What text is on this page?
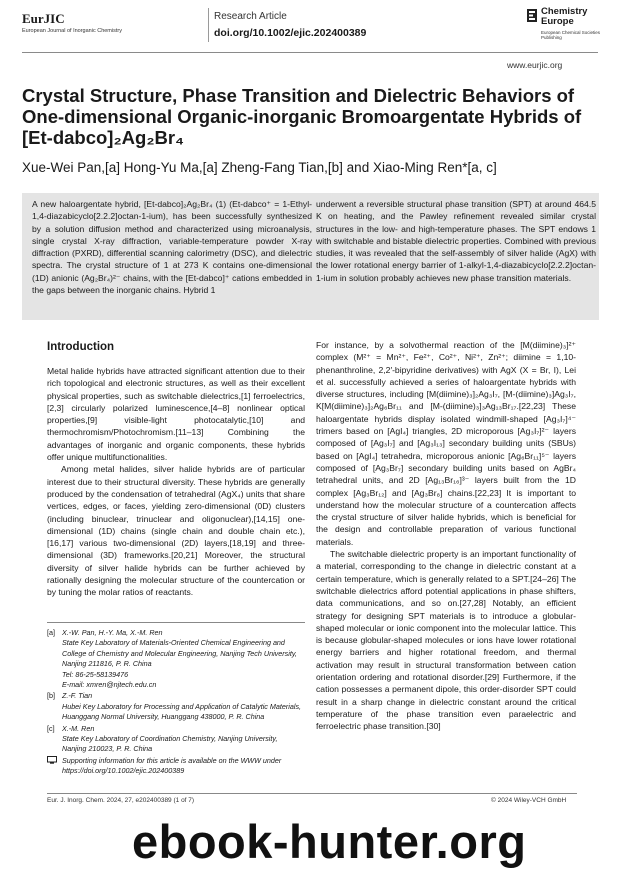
EurJIC
European Journal of Inorganic Chemistry
Research Article
doi.org/10.1002/ejic.202400389
Chemistry Europe
European Chemical Societies Publishing
www.eurjic.org
Crystal Structure, Phase Transition and Dielectric Behaviors of One-dimensional Organic-inorganic Bromoargentate Hybrids of [Et-dabco]₂Ag₂Br₄
Xue-Wei Pan,[a] Hong-Yu Ma,[a] Zheng-Fang Tian,[b] and Xiao-Ming Ren*[a, c]
A new haloargentate hybrid, [Et-dabco]₂Ag₂Br₄ (1) (Et-dabco⁺ = 1-Ethyl-1,4-diazabicyclo[2.2.2]octan-1-ium), has been successfully synthesized by a solution diffusion method and characterized using microanalysis, single crystal X-ray diffraction, variable-temperature powder X-ray diffraction (PXRD), differential scanning calorimetry (DSC), and dielectric spectra. The crystal structure of 1 at 273 K contains one-dimensional (1D) anionic (Ag₂Br₄)²⁻ chains, with the [Et-dabco]⁺ cations embedded in the gaps between the inorganic chains. Hybrid 1
underwent a reversible structural phase transition (SPT) at around 464.5 K on heating, and the Pawley refinement revealed similar crystal structures in the low- and high-temperature phases. The SPT endows 1 with switchable and bistable dielectric properties. Combined with previous studies, it was revealed that the self-assembly of silver halide (AgX) with the lower rotational energy barrier of 1-alkyl-1,4-diazabicyclo[2.2.2]octan-1-ium in solution probably achieves new phase transition materials.
Introduction

Metal halide hybrids have attracted significant attention due to their rich topological and electronic structures, as well as their excellent physical properties, such as switchable dielectrics,[1] ferroelectrics,[2,3] circularly polarized luminescence,[4–8] nonlinear optical properties,[9] visible-light photocatalytic,[10] and thermochromism/Photochromism.[11–13] Combining the advantages of inorganic and organic components, these hybrids offer unique multifunctionalities.

Among metal halides, silver halide hybrids are of particular interest due to their structural diversity. These hybrids are generally produced by the condensation of tetrahedral (AgX₄) units that share vertices, edges, or faces, yielding zero-dimensional (0D) clusters (including binuclear, trinuclear and oligonuclear),[14,15] one-dimensional (1D) chains (single chain and double chain etc.),[16,17] various two-dimensional (2D) layers,[18,19] and three-dimensional (3D) frameworks.[20,21] Moreover, the structural diversity of silver halide hybrids can be further achieved by rationally designing the molecular structure of the countercation or by tuning the molar ratios of reactants.

For instance, by a solvothermal reaction of the [M(diimine)₃]²⁺ complex (M²⁺ = Mn²⁺, Fe²⁺, Co²⁺, Ni²⁺, Zn²⁺; diimine = 1,10-phenanthroline, 2,2′-bipyridine derivatives) with AgX (X = Br, I), Lei et al. successfully achieved a series of haloargentate hybrids with diverse structures, including [M(diimine)₃]₂Ag₃I₇, [M-(diimine)₃]Ag₃I₇, K[M(diimine)₃]₂Ag₆Br₁₁ and [M-(diimine)₃]₃Ag₁₃Br₁₇.[22,23] These haloargentate hybrids display isolated windmill-shaped [Ag₃I₇]⁴⁻ trimers based on [AgI₄] triangles, 2D microporous [Ag₃I₇]²⁻ layers composed of [Ag₃I₇] and [Ag₃I₁₃] secondary building units (SBUs) based on [AgI₄] tetrahedra, microporous anionic [Ag₆Br₁₁]⁵⁻ layers composed of [Ag₃Br₇] secondary building units based on AgBr₄ tetrahedral units, and 2D [Ag₁₃Br₁₆]³⁻ layers built from the 1D complex [Ag₃Br₁₂] and [Ag₃Br₈] chains.[22,23] It is important to understand how the molecular structure of a countercation affects the crystal structure of silver halide hybrids, which is beneficial for the design and controllable preparation of various functional materials.

The switchable dielectric property is an important functionality of a material, corresponding to the change in dielectric constant at a certain temperature, which is generally related to a SPT.[24–26] The switchable dielectrics afford potential applications in phase shifters, data communications, and so on.[27,28] Notably, an efficient strategy for designing SPT materials is to introduce a globular-shaped molecular or ionic component into the molecular lattice. This is because globular-shaped molecules or ions have lower rotational energy barriers and higher rotational freedom, and thermal activation may result in structural transformation between cation orientation ordering and rotational disorder.[29] Furthermore, if the cation possesses a permanent dipole, this order-disorder SPT could result in a sharp change in dielectric constant around the critical temperature of the phase transition even paraelectric and ferroelectric phase transition.[30]

[a] X.-W. Pan, H.-Y. Ma, X.-M. Ren
State Key Laboratory of Materials-Oriented Chemical Engineering and College of Chemistry and Molecular Engineering, Nanjing Tech University, Nanjing 211816, P. R. China
Tel: 86-25-58139476
E-mail: xmren@njtech.edu.cn
[b] Z.-F. Tian
Hubei Key Laboratory for Processing and Application of Catalytic Materials, Huanggang Normal University, Huanggang 438000, P. R. China
[c] X.-M. Ren
State Key Laboratory of Coordination Chemistry, Nanjing University, Nanjing 210023, P. R. China
Supporting information for this article is available on the WWW under https://doi.org/10.1002/ejic.202400389
Eur. J. Inorg. Chem. 2024, 27, e202400389 (1 of 7)	© 2024 Wiley-VCH GmbH
ebook-hunter.org
